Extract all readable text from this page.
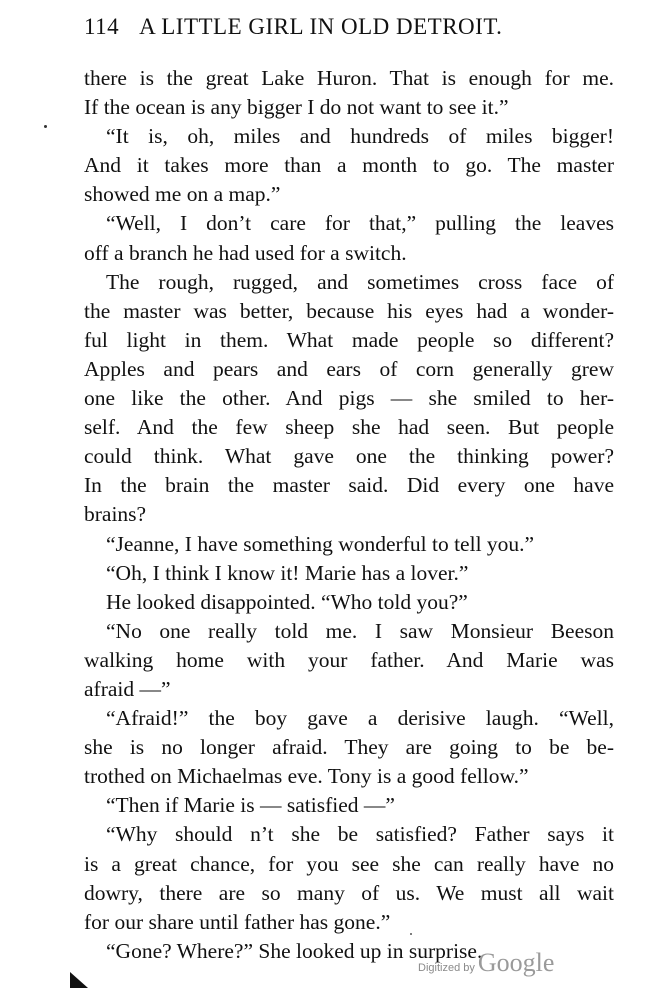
114 A LITTLE GIRL IN OLD DETROIT.
there is the great Lake Huron. That is enough for me.
If the ocean is any bigger I do not want to see it.”
“It is, oh, miles and hundreds of miles bigger!
And it takes more than a month to go. The master
showed me on a map.”
“Well, I don’t care for that,” pulling the leaves
off a branch he had used for a switch.
The rough, rugged, and sometimes cross face of
the master was better, because his eyes had a wonder-
ful light in them. What made people so different?
Apples and pears and ears of corn generally grew
one like the other. And pigs — she smiled to her-
self. And the few sheep she had seen. But people
could think. What gave one the thinking power?
In the brain the master said. Did every one have
brains?
“Jeanne, I have something wonderful to tell you.”
“Oh, I think I know it! Marie has a lover.”
He looked disappointed. “Who told you?”
“No one really told me. I saw Monsieur Beeson
walking home with your father. And Marie was
afraid —”
“Afraid!” the boy gave a derisive laugh. “Well,
she is no longer afraid. They are going to be be-
trothed on Michaelmas eve. Tony is a good fellow.”
“Then if Marie is — satisfied —”
“Why should n’t she be satisfied? Father says it
is a great chance, for you see she can really have no
dowry, there are so many of us. We must all wait
for our share until father has gone.”
“Gone? Where?” She looked up in surprise.
Digitized by Google
